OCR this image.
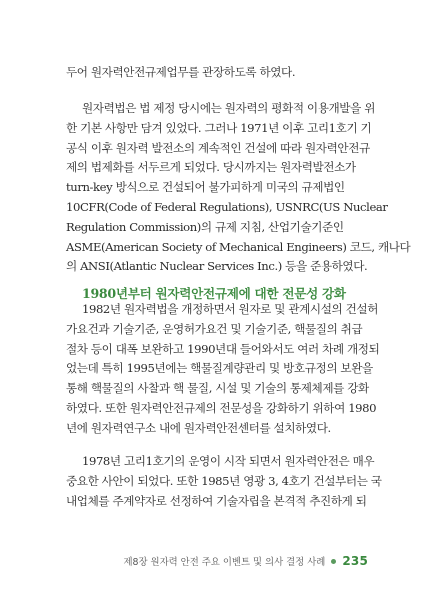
두어 원자력안전규제업무를 관장하도록 하였다.
원자력법은 법 제정 당시에는 원자력의 평화적 이용개발을 위
한 기본 사항만 담겨 있었다. 그러나 1971년 이후 고리1호기 기
공식 이후 원자력 발전소의 계속적인 건설에 따라 원자력안전규
제의 법제화를 서두르게 되었다. 당시까지는 원자력발전소가
turn-key 방식으로 건설되어 불가피하게 미국의 규제법인
10CFR(Code of Federal Regulations), USNRC(US Nuclear
Regulation Commission)의 규제 지침, 산업기술기준인
ASME(American Society of Mechanical Engineers) 코드, 캐나다
의 ANSI(Atlantic Nuclear Services Inc.) 등을 준용하였다.
1980년부터 원자력안전규제에 대한 전문성 강화
1982년 원자력법을 개정하면서 원자로 및 관계시설의 건설허
가요건과 기술기준, 운영허가요건 및 기술기준, 핵물질의 취급
절차 등이 대폭 보완하고 1990년대 들어와서도 여러 차례 개정되
었는데 특히 1995년에는 핵물질계량관리 및 방호규정의 보완을
통해 핵물질의 사찰과 핵 물질, 시설 및 기술의 통제체제를 강화
하였다. 또한 원자력안전규제의 전문성을 강화하기 위하여 1980
년에 원자력연구소 내에 원자력안전센터를 설치하였다.
1978년 고리1호기의 운영이 시작 되면서 원자력안전은 매우
중요한 사안이 되었다. 또한 1985년 영광 3, 4호기 건설부터는 국
내업체를 주계약자로 선정하여 기술자립을 본격적 추진하게 되
제8장 원자력 안전 주요 이벤트 및 의사 결정 사례 235
